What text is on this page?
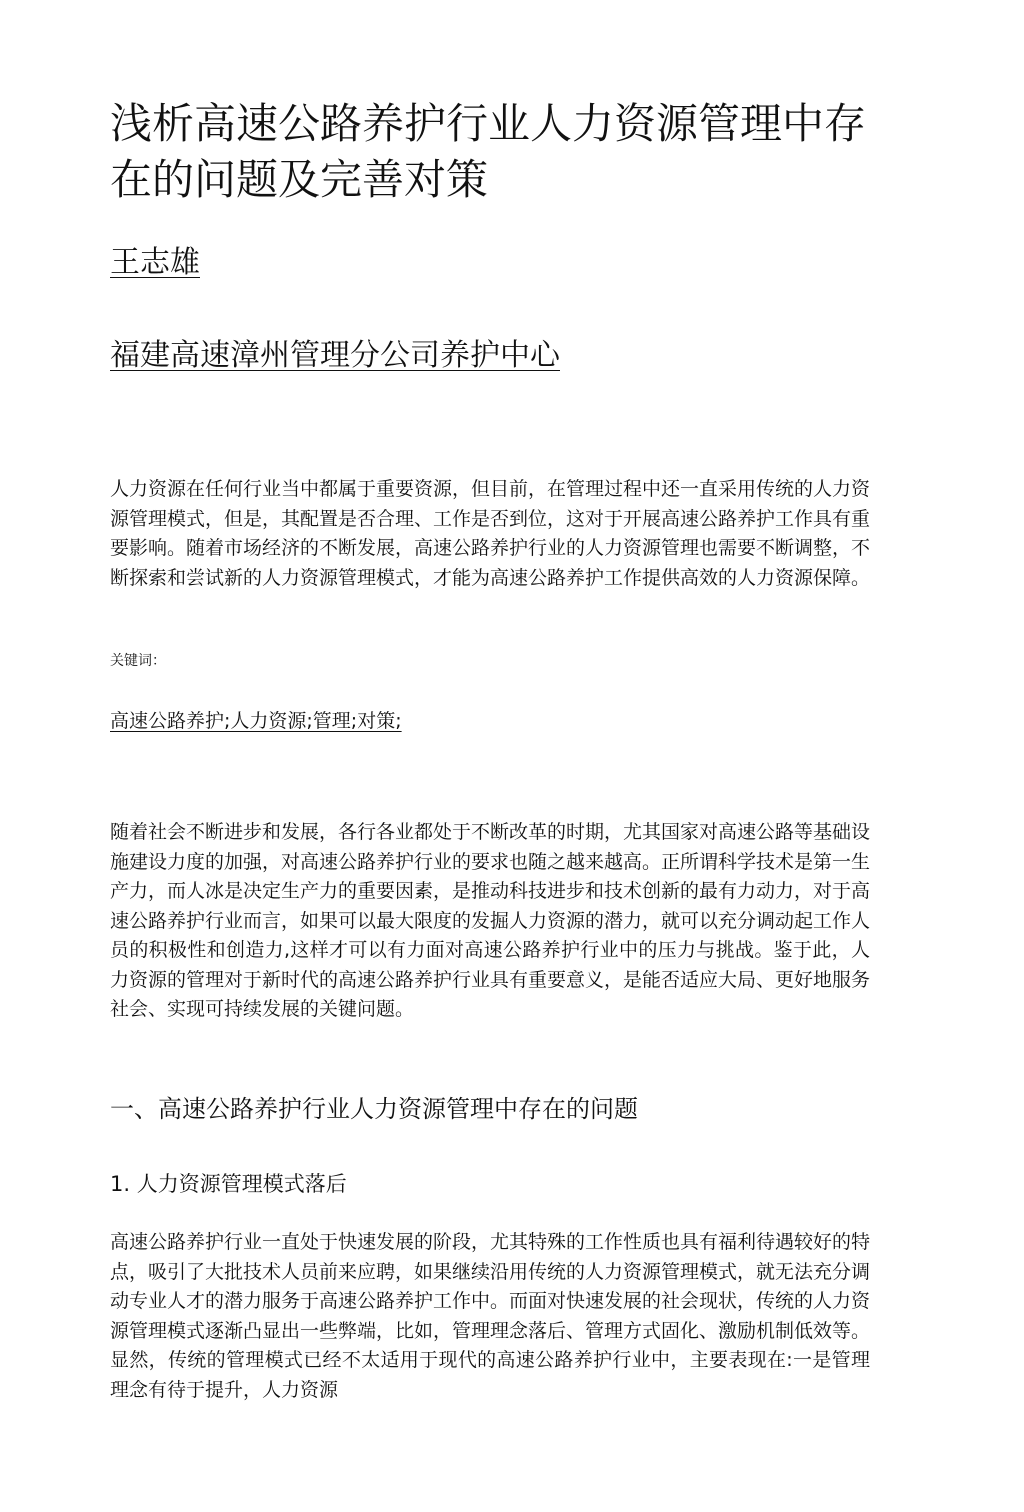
浅析高速公路养护行业人力资源管理中存在的问题及完善对策

王志雄

福建高速漳州管理分公司养护中心

人力资源在任何行业当中都属于重要资源，但目前，在管理过程中还一直采用传统的人力资源管理模式，但是，其配置是否合理、工作是否到位，这对于开展高速公路养护工作具有重要影响。随着市场经济的不断发展，高速公路养护行业的人力资源管理也需要不断调整，不断探索和尝试新的人力资源管理模式，才能为高速公路养护工作提供高效的人力资源保障。

关键词：

高速公路养护;人力资源;管理;对策;

随着社会不断进步和发展，各行各业都处于不断改革的时期，尤其国家对高速公路等基础设施建设力度的加强，对高速公路养护行业的要求也随之越来越高。正所谓科学技术是第一生产力，而人冰是决定生产力的重要因素，是推动科技进步和技术创新的最有力动力，对于高速公路养护行业而言，如果可以最大限度的发掘人力资源的潜力，就可以充分调动起工作人员的积极性和创造力,这样才可以有力面对高速公路养护行业中的压力与挑战。鉴于此，人力资源的管理对于新时代的高速公路养护行业具有重要意义，是能否适应大局、更好地服务社会、实现可持续发展的关键问题。

一、高速公路养护行业人力资源管理中存在的问题
1. 人力资源管理模式落后

高速公路养护行业一直处于快速发展的阶段，尤其特殊的工作性质也具有福利待遇较好的特点，吸引了大批技术人员前来应聘，如果继续沿用传统的人力资源管理模式，就无法充分调动专业人才的潜力服务于高速公路养护工作中。而面对快速发展的社会现状，传统的人力资源管理模式逐渐凸显出一些弊端，比如，管理理念落后、管理方式固化、激励机制低效等。显然，传统的管理模式已经不太适用于现代的高速公路养护行业中，主要表现在:一是管理理念有待于提升，人力资源
